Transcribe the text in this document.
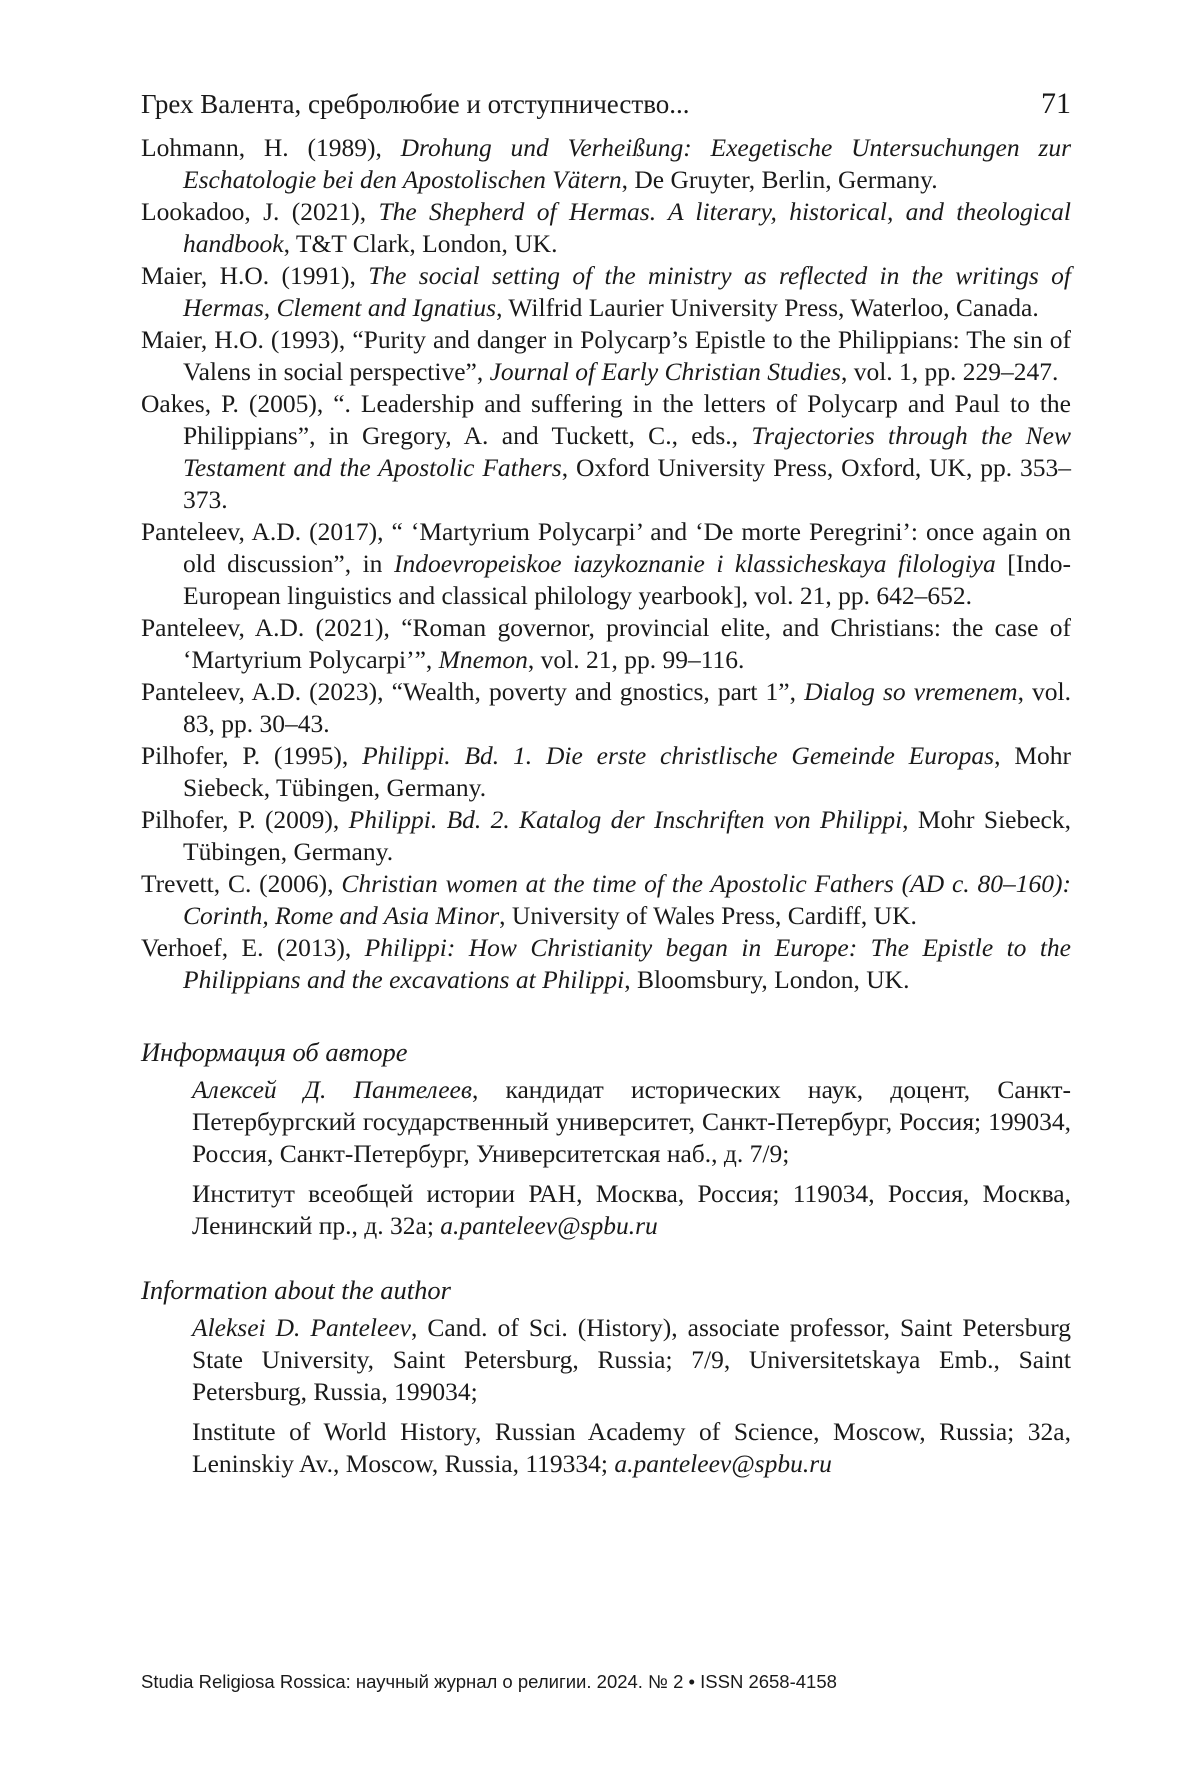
Грех Валента, сребролюбие и отступничество...	71

Lohmann, H. (1989), Drohung und Verheißung: Exegetische Untersuchungen zur Eschatologie bei den Apostolischen Vätern, De Gruyter, Berlin, Germany.

Lookadoo, J. (2021), The Shepherd of Hermas. A literary, historical, and theological handbook, T&T Clark, London, UK.

Maier, H.O. (1991), The social setting of the ministry as reflected in the writings of Hermas, Clement and Ignatius, Wilfrid Laurier University Press, Waterloo, Canada.

Maier, H.O. (1993), “Purity and danger in Polycarp’s Epistle to the Philippians: The sin of Valens in social perspective”, Journal of Early Christian Studies, vol. 1, pp. 229–247.

Oakes, P. (2005), “. Leadership and suffering in the letters of Polycarp and Paul to the Philippians”, in Gregory, A. and Tuckett, C., eds., Trajectories through the New Testament and the Apostolic Fathers, Oxford University Press, Oxford, UK, pp. 353–373.

Panteleev, A.D. (2017), “ ‘Martyrium Polycarpi’ and ‘De morte Peregrini’: once again on old discussion”, in Indoevropeiskoe iazykoznanie i klassicheskaya filologiya [Indo-European linguistics and classical philology yearbook], vol. 21, pp. 642–652.

Panteleev, A.D. (2021), “Roman governor, provincial elite, and Christians: the case of ‘Martyrium Polycarpi’”, Mnemon, vol. 21, pp. 99–116.

Panteleev, A.D. (2023), “Wealth, poverty and gnostics, part 1”, Dialog so vremenem, vol. 83, pp. 30–43.

Pilhofer, P. (1995), Philippi. Bd. 1. Die erste christlische Gemeinde Europas, Mohr Siebeck, Tübingen, Germany.

Pilhofer, P. (2009), Philippi. Bd. 2. Katalog der Inschriften von Philippi, Mohr Siebeck, Tübingen, Germany.

Trevett, C. (2006), Christian women at the time of the Apostolic Fathers (AD c. 80–160): Corinth, Rome and Asia Minor, University of Wales Press, Cardiff, UK.

Verhoef, E. (2013), Philippi: How Christianity began in Europe: The Epistle to the Philippians and the excavations at Philippi, Bloomsbury, London, UK.

Информация об авторе

Алексей Д. Пантелеев, кандидат исторических наук, доцент, Санкт-Петербургский государственный университет, Санкт-Петербург, Россия; 199034, Россия, Санкт-Петербург, Университетская наб., д. 7/9;

Институт всеобщей истории РАН, Москва, Россия; 119034, Россия, Москва, Ленинский пр., д. 32а; a.panteleev@spbu.ru

Information about the author

Aleksei D. Panteleev, Cand. of Sci. (History), associate professor, Saint Petersburg State University, Saint Petersburg, Russia; 7/9, Universitetskaya Emb., Saint Petersburg, Russia, 199034;

Institute of World History, Russian Academy of Science, Moscow, Russia; 32a, Leninskiy Av., Moscow, Russia, 119334; a.panteleev@spbu.ru

Studia Religiosa Rossica: научный журнал о религии. 2024. № 2 • ISSN 2658-4158
